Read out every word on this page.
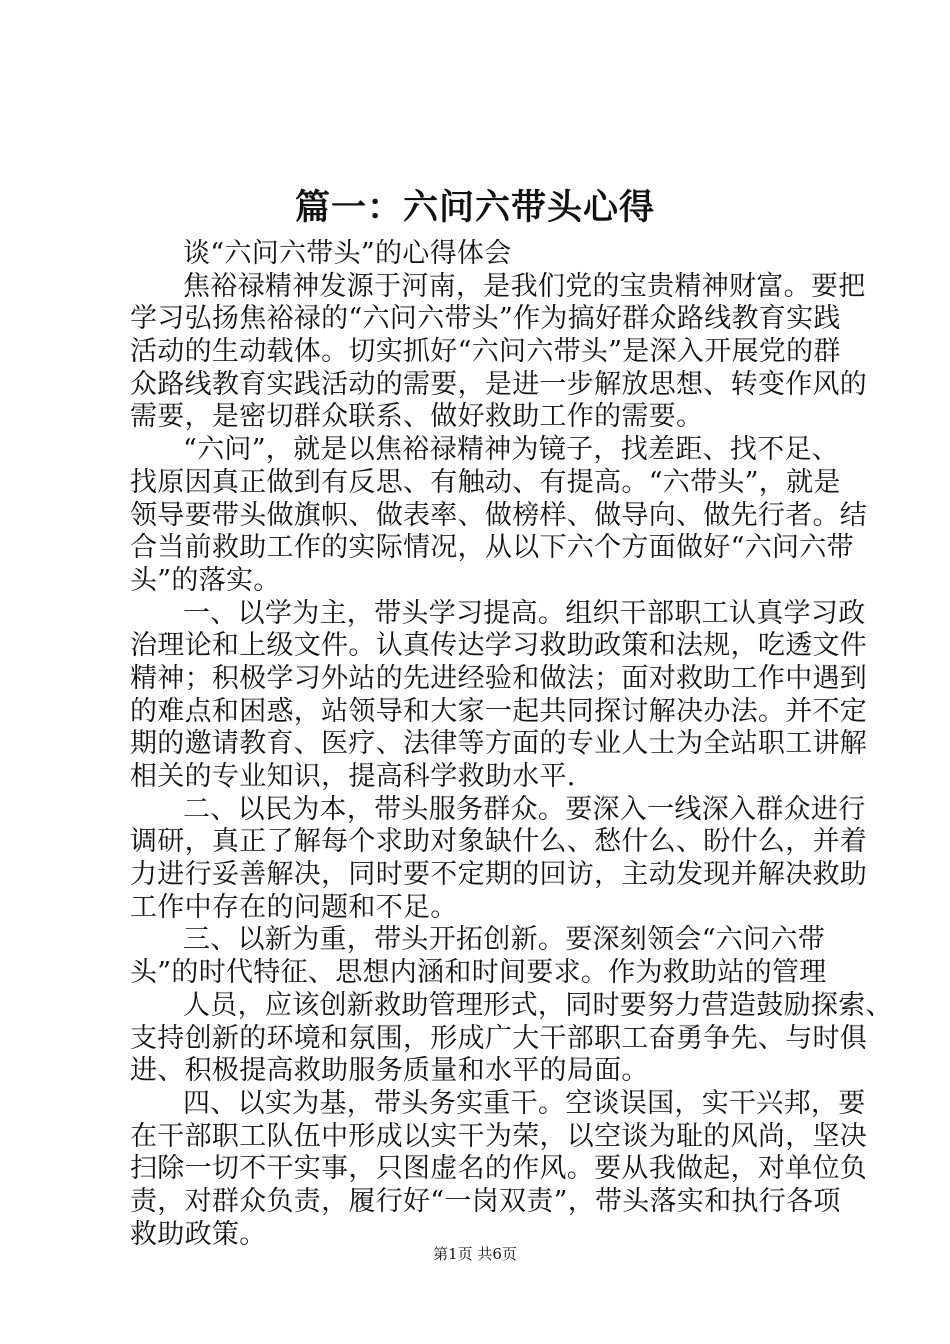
篇一：六问六带头心得
谈“六问六带头”的心得体会
焦裕禄精神发源于河南，是我们党的宝贵精神财富。要把
学习弘扬焦裕禄的“六问六带头”作为搞好群众路线教育实践
活动的生动载体。切实抓好“六问六带头”是深入开展党的群
众路线教育实践活动的需要，是进一步解放思想、转变作风的
需要，是密切群众联系、做好救助工作的需要。
“六问”，就是以焦裕禄精神为镜子，找差距、找不足、
找原因真正做到有反思、有触动、有提高。“六带头”，就是
领导要带头做旗帜、做表率、做榜样、做导向、做先行者。结
合当前救助工作的实际情况，从以下六个方面做好“六问六带
头”的落实。
一、以学为主，带头学习提高。组织干部职工认真学习政
治理论和上级文件。认真传达学习救助政策和法规，吃透文件
精神；积极学习外站的先进经验和做法；面对救助工作中遇到
的难点和困惑，站领导和大家一起共同探讨解决办法。并不定
期的邀请教育、医疗、法律等方面的专业人士为全站职工讲解
相关的专业知识，提高科学救助水平.
二、以民为本，带头服务群众。要深入一线深入群众进行
调研，真正了解每个求助对象缺什么、愁什么、盼什么，并着
力进行妥善解决，同时要不定期的回访，主动发现并解决救助
工作中存在的问题和不足。
三、以新为重，带头开拓创新。要深刻领会“六问六带
头”的时代特征、思想内涵和时间要求。作为救助站的管理
人员，应该创新救助管理形式，同时要努力营造鼓励探索、
支持创新的环境和氛围，形成广大干部职工奋勇争先、与时俱
进、积极提高救助服务质量和水平的局面。
四、以实为基，带头务实重干。空谈误国，实干兴邦，要
在干部职工队伍中形成以实干为荣，以空谈为耻的风尚，坚决
扫除一切不干实事，只图虚名的作风。要从我做起，对单位负
责，对群众负责，履行好“一岗双责”，带头落实和执行各项
救助政策。
第1页 共6页
